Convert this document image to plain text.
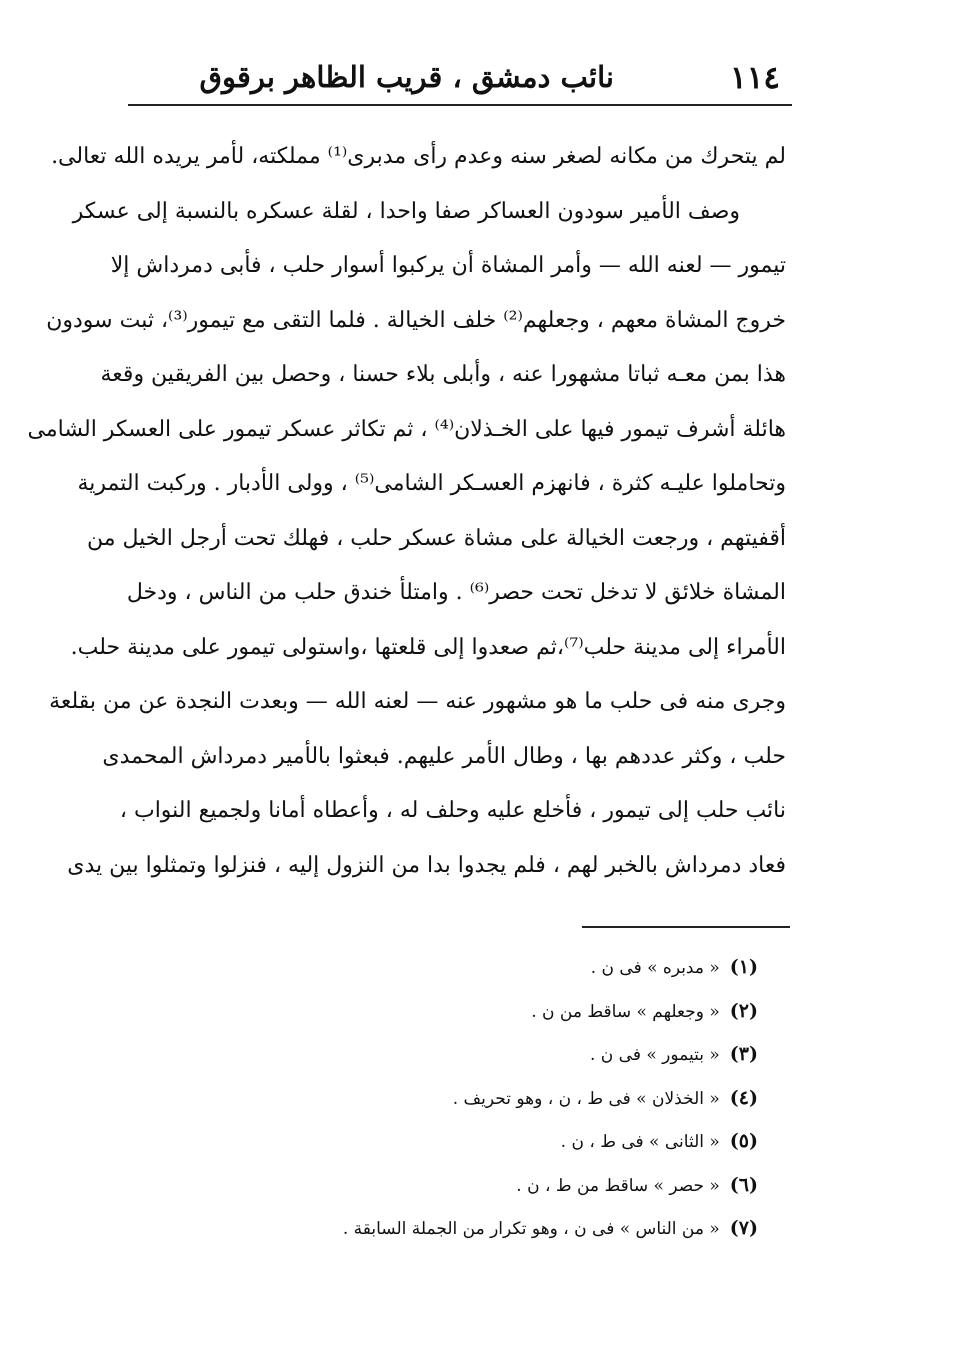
١١٤
نائب دمشق ، قريب الظاهر برقوق
لم يتحرك من مكانه لصغر سنه وعدم رأى مدبرى⁽¹⁾ مملكته، لأمر يريده الله تعالى.
وصف الأمير سودون العساكر صفا واحدا ، لقلة عسكره بالنسبة إلى عسكر
تيمور — لعنه الله — وأمر المشاة أن يركبوا أسوار حلب ، فأبى دمرداش إلا
خروج المشاة معهم ، وجعلهم⁽²⁾ خلف الخيالة . فلما التقى مع تيمور⁽³⁾، ثبت سودون
هذا بمن معـه ثباتا مشهورا عنه ، وأبلى بلاء حسنا ، وحصل بين الفريقين وقعة
هائلة أشرف تيمور فيها على الخـذلان⁽⁴⁾ ، ثم تكاثر عسكر تيمور على العسكر الشامى
وتحاملوا عليـه كثرة ، فانهزم العسـكر الشامى⁽⁵⁾ ، وولى الأدبار . وركبت التمرية
أقفيتهم ، ورجعت الخيالة على مشاة عسكر حلب ، فهلك تحت أرجل الخيل من
المشاة خلائق لا تدخل تحت حصر⁽⁶⁾ . وامتلأ خندق حلب من الناس ، ودخل
الأمراء إلى مدينة حلب⁽⁷⁾،ثم صعدوا إلى قلعتها ،واستولى تيمور على مدينة حلب.
وجرى منه فى حلب ما هو مشهور عنه — لعنه الله — وبعدت النجدة عن من بقلعة
حلب ، وكثر عددهم بها ، وطال الأمر عليهم. فبعثوا بالأمير دمرداش المحمدى
نائب حلب إلى تيمور ، فأخلع عليه وحلف له ، وأعطاه أمانا ولجميع النواب ،
فعاد دمرداش بالخبر لهم ، فلم يجدوا بدا من النزول إليه ، فنزلوا وتمثلوا بين يدى
(١)« مدبره » فى ن .
(٢)« وجعلهم » ساقط من ن .
(٣)« بتيمور » فى ن .
(٤)« الخذلان » فى ط ، ن ، وهو تحريف .
(٥)« الثانى » فى ط ، ن .
(٦)« حصر » ساقط من ط ، ن .
(٧)« من الناس » فى ن ، وهو تكرار من الجملة السابقة .
